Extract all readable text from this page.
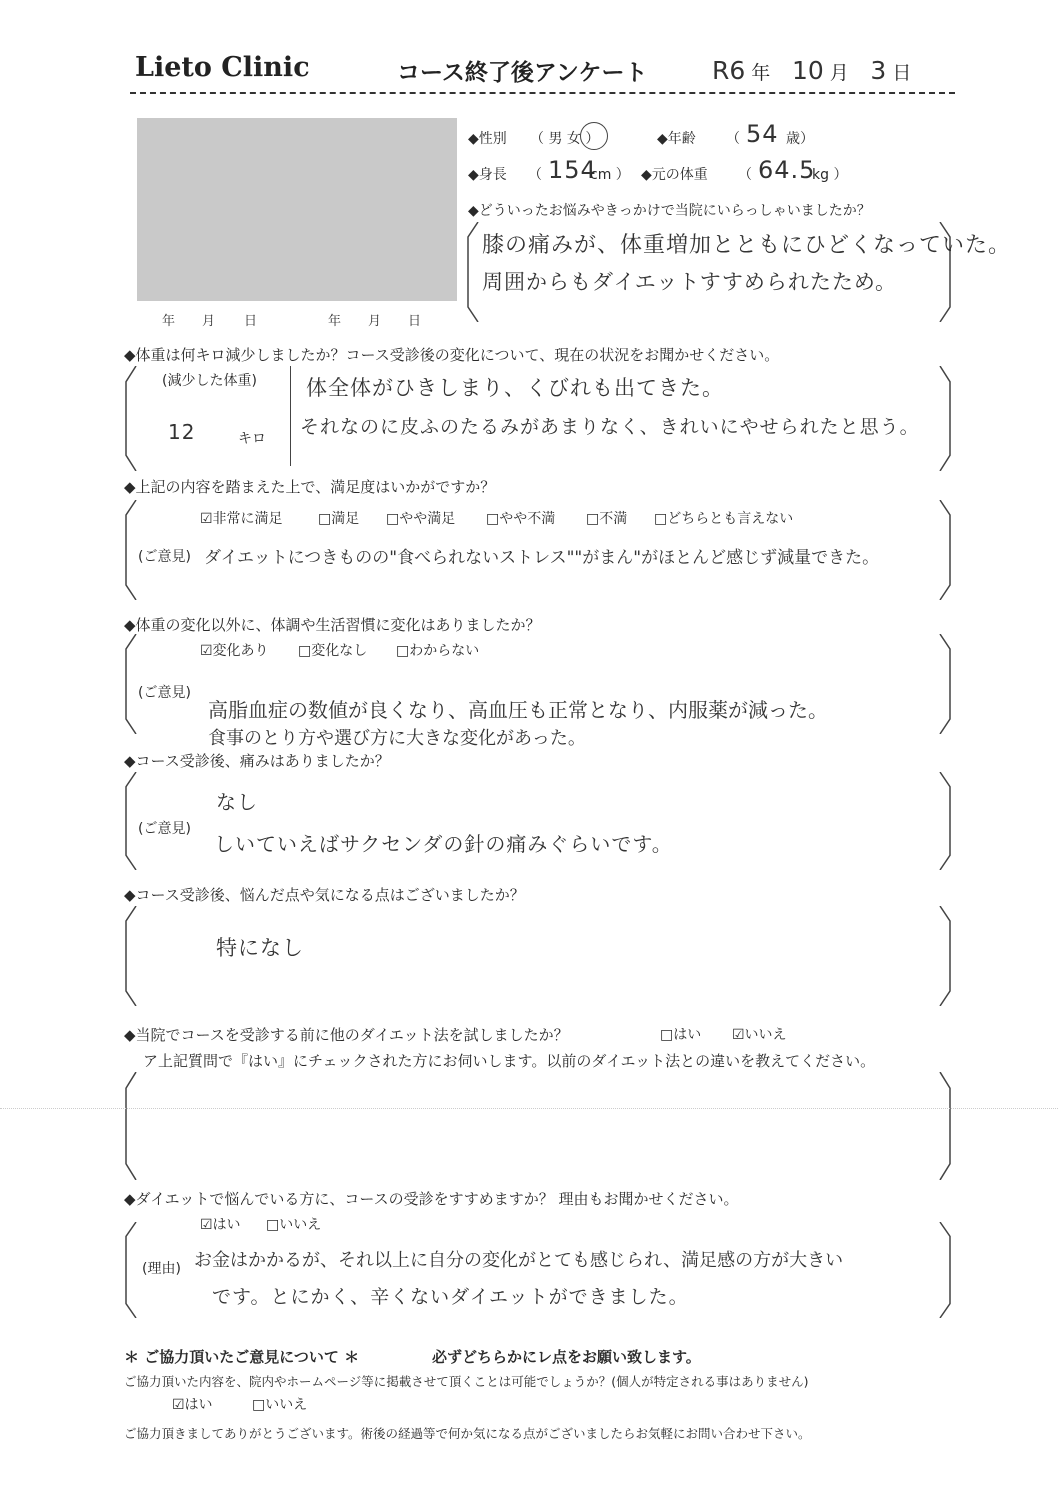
Lieto Clinic	コース終了後アンケート	R6 年 10 月 3 日
年 月 日	年 月 日
◆性別 （ 男 女 ）	◆年齢 （ 54 歳）
◆身長 （ 154
cm ） ◆元の体重 （ 64.5
kg ）
◆どういったお悩みやきっかけで当院にいらっしゃいましたか？
膝の痛みが、体重増加とともにひどくなっていた。
周囲からもダイエットすすめられたため。
◆体重は何キロ減少しましたか？コース受診後の変化について、現在の状況をお聞かせください。
(減少した体重)
12	キロ
体全体がひきしまり、くびれも出てきた。
それなのに皮ふのたるみがあまりなく、きれいにやせられたと思う。
◆上記の内容を踏まえた上で、満足度はいかがですか？
☑非常に満足	□満足 □やや満足 □やや不満 □不満 □どちらとも言えない
(ご意見) ダイエットにつきものの"食べられないストレス""がまん"がほとんど感じず減量できた。
◆体重の変化以外に、体調や生活習慣に変化はありましたか？
☑変化あり □変化なし □わからない
(ご意見)
高脂血症の数値が良くなり、高血圧も正常となり、内服薬が減った。
食事のとり方や選び方に大きな変化があった。
◆コース受診後、痛みはありましたか？
なし
(ご意見)
しいていえばサクセンダの針の痛みぐらいです。
◆コース受診後、悩んだ点や気になる点はございましたか？
特になし
◆当院でコースを受診する前に他のダイエット法を試しましたか？	□はい ☑いいえ
ア上記質問で『はい』にチェックされた方にお伺いします。以前のダイエット法との違いを教えてください。
◆ダイエットで悩んでいる方に、コースの受診をすすめますか？ 理由もお聞かせください。
☑はい □いいえ
(理由) お金はかかるが、それ以上に自分の変化がとても感じられ、満足感の方が大きい
です。とにかく、辛くないダイエットができました。
＊ ご協力頂いたご意見について ＊	必ずどちらかにレ点をお願い致します。
ご協力頂いた内容を、院内やホームページ等に掲載させて頂くことは可能でしょうか？(個人が特定される事はありません)
☑はい	□いいえ
ご協力頂きましてありがとうございます。術後の経過等で何か気になる点がございましたらお気軽にお問い合わせ下さい。
